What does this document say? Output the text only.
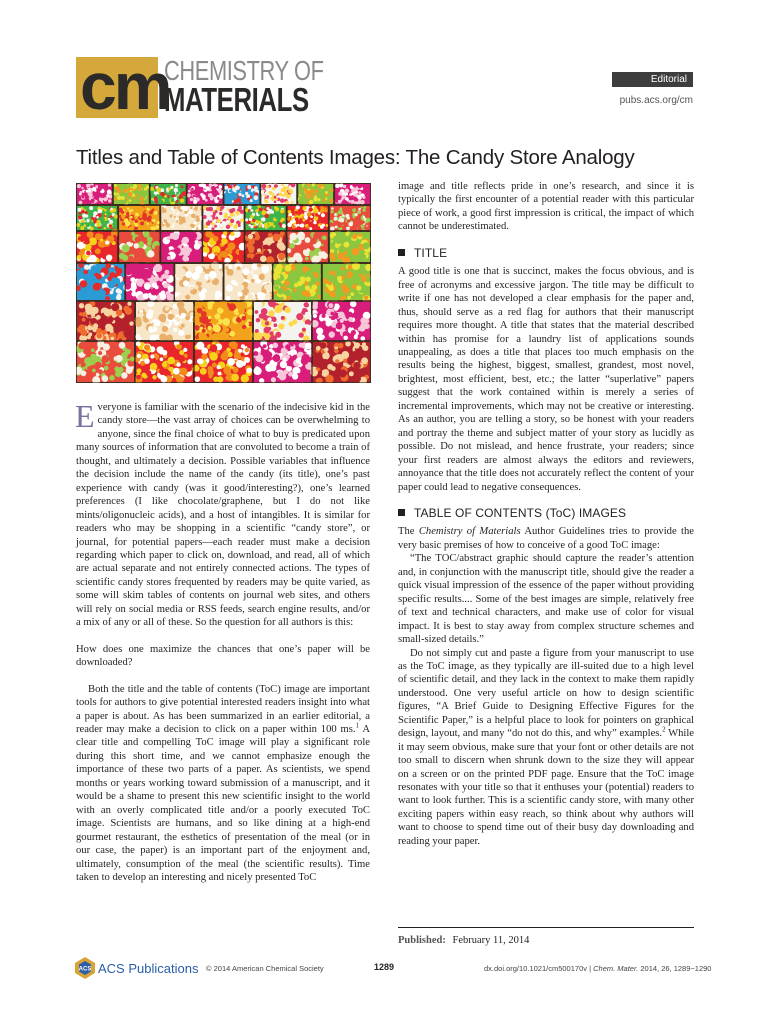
cm
CHEMISTRY OF
MATERIALS
Editorial
pubs.acs.org/cm
Titles and Table of Contents Images: The Candy Store Analogy

Everyone is familiar with the scenario of the indecisive kid in the candy store—the vast array of choices can be overwhelming to anyone, since the final choice of what to buy is predicated upon many sources of information that are convoluted to become a train of thought, and ultimately a decision. Possible variables that influence the decision include the name of the candy (its title), one’s past experience with candy (was it good/interesting?), one’s learned preferences (I like chocolate/graphene, but I do not like mints/oligonucleic acids), and a host of intangibles. It is similar for readers who may be shopping in a scientific “candy store”, or journal, for potential papers—each reader must make a decision regarding which paper to click on, download, and read, all of which are actual separate and not entirely connected actions. The types of scientific candy stores frequented by readers may be quite varied, as some will skim tables of contents on journal web sites, and others will rely on social media or RSS feeds, search engine results, and/or a mix of any or all of these. So the question for all authors is this:

How does one maximize the chances that one’s paper will be downloaded?

Both the title and the table of contents (ToC) image are important tools for authors to give potential interested readers insight into what a paper is about. As has been summarized in an earlier editorial, a reader may make a decision to click on a paper within 100 ms.$^1$ A clear title and compelling ToC image will play a significant role during this short time, and we cannot emphasize enough the importance of these two parts of a paper. As scientists, we spend months or years working toward submission of a manuscript, and it would be a shame to present this new scientific insight to the world with an overly complicated title and/or a poorly executed ToC image. Scientists are humans, and so like dining at a high-end gourmet restaurant, the esthetics of presentation of the meal (or in our case, the paper) is an important part of the enjoyment and, ultimately, consumption of the meal (the scientific results). Time taken to develop an interesting and nicely presented ToC

image and title reflects pride in one’s research, and since it is typically the first encounter of a potential reader with this particular piece of work, a good first impression is critical, the impact of which cannot be underestimated.

TITLE

A good title is one that is succinct, makes the focus obvious, and is free of acronyms and excessive jargon. The title may be difficult to write if one has not developed a clear emphasis for the paper and, thus, should serve as a red flag for authors that their manuscript requires more thought. A title that states that the material described within has promise for a laundry list of applications sounds unappealing, as does a title that places too much emphasis on the results being the highest, biggest, smallest, grandest, most novel, brightest, most efficient, best, etc.; the latter “superlative” papers suggest that the work contained within is merely a series of incremental improvements, which may not be creative or interesting. As an author, you are telling a story, so be honest with your readers and portray the theme and subject matter of your story as lucidly as possible. Do not mislead, and hence frustrate, your readers; since your first readers are almost always the editors and reviewers, annoyance that the title does not accurately reflect the content of your paper could lead to negative consequences.

TABLE OF CONTENTS (ToC) IMAGES

The Chemistry of Materials Author Guidelines tries to provide the very basic premises of how to conceive of a good ToC image:

“The TOC/abstract graphic should capture the reader’s attention and, in conjunction with the manuscript title, should give the reader a quick visual impression of the essence of the paper without providing specific results.... Some of the best images are simple, relatively free of text and technical characters, and make use of color for visual impact. It is best to stay away from complex structure schemes and small-sized details.”

Do not simply cut and paste a figure from your manuscript to use as the ToC image, as they typically are ill-suited due to a high level of scientific detail, and they lack in the context to make them rapidly understood. One very useful article on how to design scientific figures, “A Brief Guide to Designing Effective Figures for the Scientific Paper,” is a helpful place to look for pointers on graphical design, layout, and many “do not do this, and why” examples.$^2$ While it may seem obvious, make sure that your font or other details are not too small to discern when shrunk down to the size they will appear on a screen or on the printed PDF page. Ensure that the ToC image resonates with your title so that it enthuses your (potential) readers to want to look further. This is a scientific candy store, with many other exciting papers within easy reach, so think about why authors will want to choose to spend time out of their busy day downloading and reading your paper.

Published: February 11, 2014
ACS ACS Publications © 2014 American Chemical Society	1289	dx.doi.org/10.1021/cm500170v | Chem. Mater. 2014, 26, 1289−1290
